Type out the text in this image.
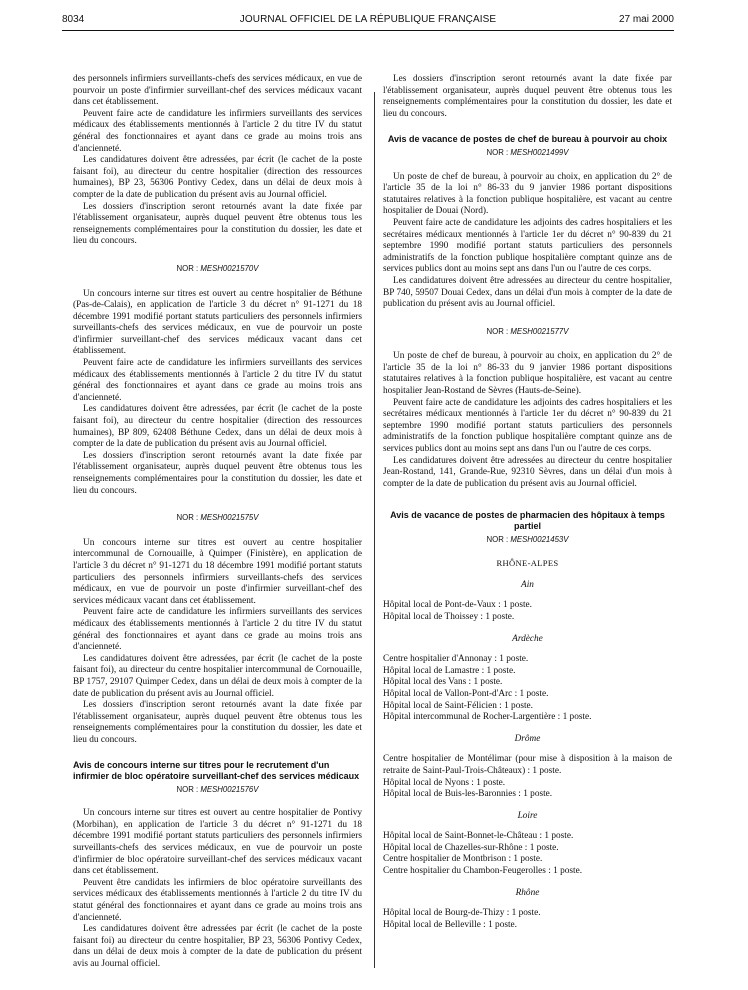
8034	JOURNAL OFFICIEL DE LA RÉPUBLIQUE FRANÇAISE	27 mai 2000

des personnels infirmiers surveillants-chefs des services médicaux, en vue de pourvoir un poste d'infirmier surveillant-chef des services médicaux vacant dans cet établissement.

Peuvent faire acte de candidature les infirmiers surveillants des services médicaux des établissements mentionnés à l'article 2 du titre IV du statut général des fonctionnaires et ayant dans ce grade au moins trois ans d'ancienneté.

Les candidatures doivent être adressées, par écrit (le cachet de la poste faisant foi), au directeur du centre hospitalier (direction des ressources humaines), BP 23, 56306 Pontivy Cedex, dans un délai de deux mois à compter de la date de publication du présent avis au Journal officiel.

Les dossiers d'inscription seront retournés avant la date fixée par l'établissement organisateur, auprès duquel peuvent être obtenus tous les renseignements complémentaires pour la constitution du dossier, les date et lieu du concours.

NOR : MESH0021570V

Un concours interne sur titres est ouvert au centre hospitalier de Béthune (Pas-de-Calais), en application de l'article 3 du décret n° 91-1271 du 18 décembre 1991 modifié portant statuts particuliers des personnels infirmiers surveillants-chefs des services médicaux, en vue de pourvoir un poste d'infirmier surveillant-chef des services médicaux vacant dans cet établissement.

Peuvent faire acte de candidature les infirmiers surveillants des services médicaux des établissements mentionnés à l'article 2 du titre IV du statut général des fonctionnaires et ayant dans ce grade au moins trois ans d'ancienneté.

Les candidatures doivent être adressées, par écrit (le cachet de la poste faisant foi), au directeur du centre hospitalier (direction des ressources humaines), BP 809, 62408 Béthune Cedex, dans un délai de deux mois à compter de la date de publication du présent avis au Journal officiel.

Les dossiers d'inscription seront retournés avant la date fixée par l'établissement organisateur, auprès duquel peuvent être obtenus tous les renseignements complémentaires pour la constitution du dossier, les date et lieu du concours.

NOR : MESH0021575V

Un concours interne sur titres est ouvert au centre hospitalier intercommunal de Cornouaille, à Quimper (Finistère), en application de l'article 3 du décret n° 91-1271 du 18 décembre 1991 modifié portant statuts particuliers des personnels infirmiers surveillants-chefs des services médicaux, en vue de pourvoir un poste d'infirmier surveillant-chef des services médicaux vacant dans cet établissement.

Peuvent faire acte de candidature les infirmiers surveillants des services médicaux des établissements mentionnés à l'article 2 du titre IV du statut général des fonctionnaires et ayant dans ce grade au moins trois ans d'ancienneté.

Les candidatures doivent être adressées, par écrit (le cachet de la poste faisant foi), au directeur du centre hospitalier intercommunal de Cornouaille, BP 1757, 29107 Quimper Cedex, dans un délai de deux mois à compter de la date de publication du présent avis au Journal officiel.

Les dossiers d'inscription seront retournés avant la date fixée par l'établissement organisateur, auprès duquel peuvent être obtenus tous les renseignements complémentaires pour la constitution du dossier, les date et lieu du concours.

Avis de concours interne sur titres pour le recrutement d'un infirmier de bloc opératoire surveillant-chef des services médicaux
NOR : MESH0021576V

Un concours interne sur titres est ouvert au centre hospitalier de Pontivy (Morbihan), en application de l'article 3 du décret n° 91-1271 du 18 décembre 1991 modifié portant statuts particuliers des personnels infirmiers surveillants-chefs des services médicaux, en vue de pourvoir un poste d'infirmier de bloc opératoire surveillant-chef des services médicaux vacant dans cet établissement.

Peuvent être candidats les infirmiers de bloc opératoire surveillants des services médicaux des établissements mentionnés à l'article 2 du titre IV du statut général des fonctionnaires et ayant dans ce grade au moins trois ans d'ancienneté.

Les candidatures doivent être adressées par écrit (le cachet de la poste faisant foi) au directeur du centre hospitalier, BP 23, 56306 Pontivy Cedex, dans un délai de deux mois à compter de la date de publication du présent avis au Journal officiel.

Les dossiers d'inscription seront retournés avant la date fixée par l'établissement organisateur, auprès duquel peuvent être obtenus tous les renseignements complémentaires pour la constitution du dossier, les date et lieu du concours.

Avis de vacance de postes de chef de bureau à pourvoir au choix
NOR : MESH0021499V

Un poste de chef de bureau, à pourvoir au choix, en application du 2° de l'article 35 de la loi n° 86-33 du 9 janvier 1986 portant dispositions statutaires relatives à la fonction publique hospitalière, est vacant au centre hospitalier de Douai (Nord).

Peuvent faire acte de candidature les adjoints des cadres hospitaliers et les secrétaires médicaux mentionnés à l'article 1er du décret n° 90-839 du 21 septembre 1990 modifié portant statuts particuliers des personnels administratifs de la fonction publique hospitalière comptant quinze ans de services publics dont au moins sept ans dans l'un ou l'autre de ces corps.

Les candidatures doivent être adressées au directeur du centre hospitalier, BP 740, 59507 Douai Cedex, dans un délai d'un mois à compter de la date de publication du présent avis au Journal officiel.

NOR : MESH0021577V

Un poste de chef de bureau, à pourvoir au choix, en application du 2° de l'article 35 de la loi n° 86-33 du 9 janvier 1986 portant dispositions statutaires relatives à la fonction publique hospitalière, est vacant au centre hospitalier Jean-Rostand de Sèvres (Hauts-de-Seine).

Peuvent faire acte de candidature les adjoints des cadres hospitaliers et les secrétaires médicaux mentionnés à l'article 1er du décret n° 90-839 du 21 septembre 1990 modifié portant statuts particuliers des personnels administratifs de la fonction publique hospitalière comptant quinze ans de services publics dont au moins sept ans dans l'un ou l'autre de ces corps.

Les candidatures doivent être adressées au directeur du centre hospitalier Jean-Rostand, 141, Grande-Rue, 92310 Sèvres, dans un délai d'un mois à compter de la date de publication du présent avis au Journal officiel.

Avis de vacance de postes de pharmacien des hôpitaux à temps partiel
NOR : MESH0021453V
RHÔNE-ALPES
Ain

Hôpital local de Pont-de-Vaux : 1 poste.

Hôpital local de Thoissey : 1 poste.

Ardèche

Centre hospitalier d'Annonay : 1 poste.

Hôpital local de Lamastre : 1 poste.

Hôpital local des Vans : 1 poste.

Hôpital local de Vallon-Pont-d'Arc : 1 poste.

Hôpital local de Saint-Félicien : 1 poste.

Hôpital intercommunal de Rocher-Largentière : 1 poste.

Drôme

Centre hospitalier de Montélimar (pour mise à disposition à la maison de retraite de Saint-Paul-Trois-Châteaux) : 1 poste.

Hôpital local de Nyons : 1 poste.

Hôpital local de Buis-les-Baronnies : 1 poste.

Loire

Hôpital local de Saint-Bonnet-le-Château : 1 poste.

Hôpital local de Chazelles-sur-Rhône : 1 poste.

Centre hospitalier de Montbrison : 1 poste.

Centre hospitalier du Chambon-Feugerolles : 1 poste.

Rhône

Hôpital local de Bourg-de-Thizy : 1 poste.

Hôpital local de Belleville : 1 poste.
